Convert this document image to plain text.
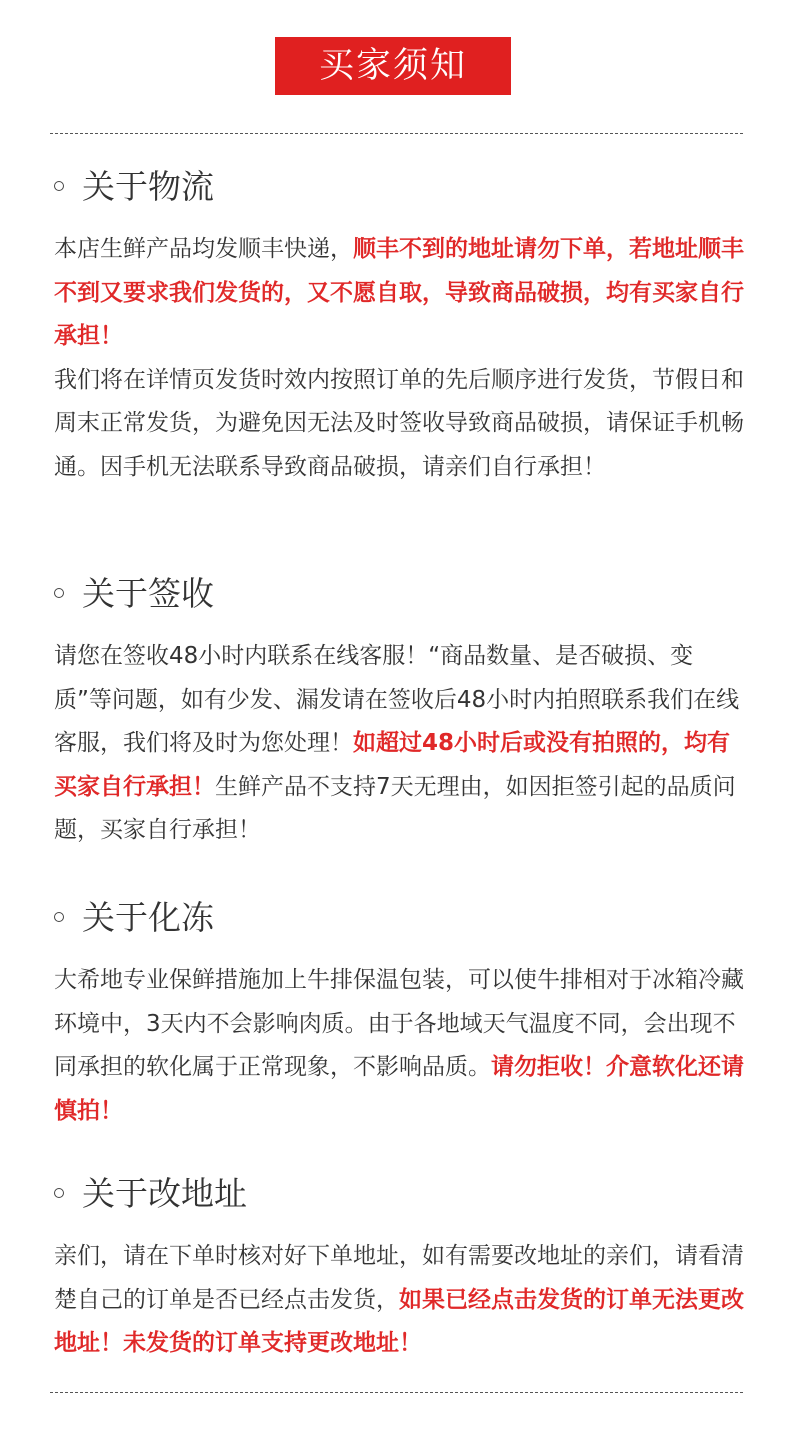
买家须知
关于物流

本店生鲜产品均发顺丰快递，顺丰不到的地址请勿下单，若地址顺丰不到又要求我们发货的，又不愿自取，导致商品破损，均有买家自行承担！

我们将在详情页发货时效内按照订单的先后顺序进行发货，节假日和周末正常发货，为避免因无法及时签收导致商品破损，请保证手机畅通。因手机无法联系导致商品破损，请亲们自行承担！

关于签收

请您在签收48小时内联系在线客服！“商品数量、是否破损、变质”等问题，如有少发、漏发请在签收后48小时内拍照联系我们在线客服，我们将及时为您处理！如超过48小时后或没有拍照的，均有买家自行承担！生鲜产品不支持7天无理由，如因拒签引起的品质问题，买家自行承担！

关于化冻

大希地专业保鲜措施加上牛排保温包装，可以使牛排相对于冰箱冷藏环境中，3天内不会影响肉质。由于各地域天气温度不同，会出现不同承担的软化属于正常现象，不影响品质。请勿拒收！介意软化还请慎拍！

关于改地址

亲们，请在下单时核对好下单地址，如有需要改地址的亲们，请看清楚自己的订单是否已经点击发货，如果已经点击发货的订单无法更改地址！未发货的订单支持更改地址！
